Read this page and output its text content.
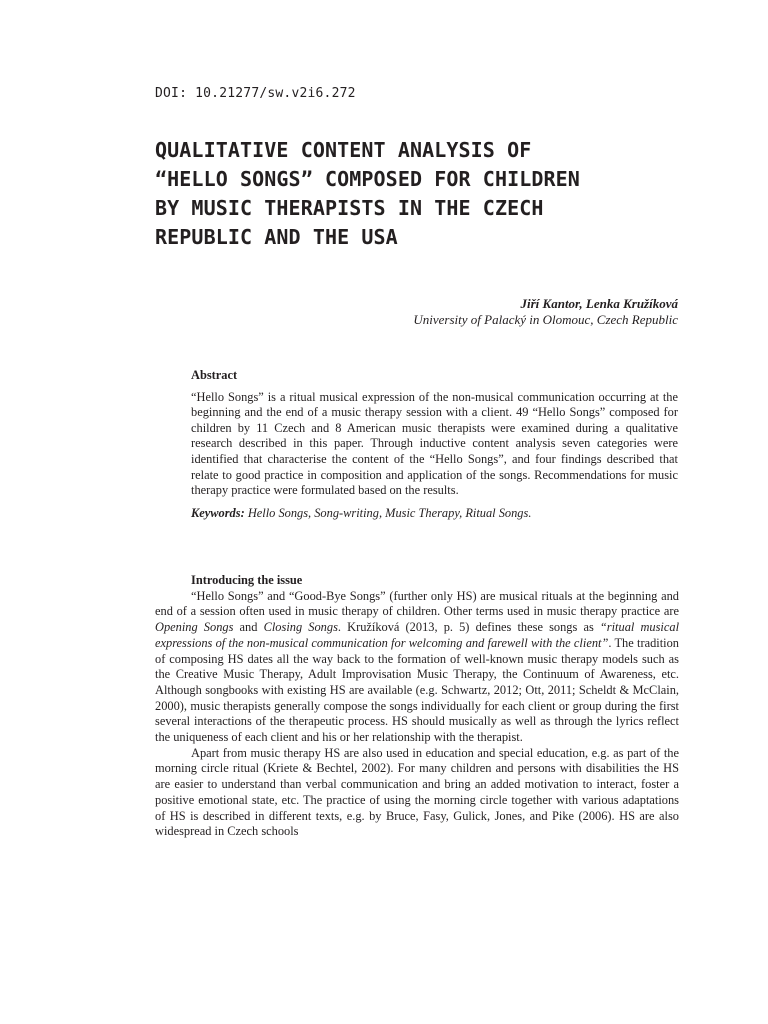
DOI: 10.21277/sw.v2i6.272
QUALITATIVE CONTENT ANALYSIS OF
“HELLO SONGS” COMPOSED FOR CHILDREN
BY MUSIC THERAPISTS IN THE CZECH
REPUBLIC AND THE USA
Jiří Kantor, Lenka Kružíková
University of Palacký in Olomouc, Czech Republic
Abstract

“Hello Songs” is a ritual musical expression of the non-musical communication occurring at the beginning and the end of a music therapy session with a client. 49 “Hello Songs” composed for children by 11 Czech and 8 American music therapists were examined during a qualitative research described in this paper. Through inductive content analysis seven categories were identified that characterise the content of the “Hello Songs”, and four findings described that relate to good practice in composition and application of the songs. Recommendations for music therapy practice were formulated based on the results.

Keywords: Hello Songs, Song-writing, Music Therapy, Ritual Songs.

Introducing the issue

“Hello Songs” and “Good-Bye Songs” (further only HS) are musical rituals at the beginning and end of a session often used in music therapy of children. Other terms used in music therapy practice are Opening Songs and Closing Songs. Kružíková (2013, p. 5) defines these songs as “ritual musical expressions of the non-musical communication for welcoming and farewell with the client”. The tradition of composing HS dates all the way back to the formation of well-known music therapy models such as the Creative Music Therapy, Adult Improvisation Music Therapy, the Continuum of Awareness, etc. Although songbooks with existing HS are available (e.g. Schwartz, 2012; Ott, 2011; Scheldt & McClain, 2000), music therapists generally compose the songs individually for each client or group during the first several interactions of the therapeutic process. HS should musically as well as through the lyrics reflect the uniqueness of each client and his or her relationship with the therapist.

Apart from music therapy HS are also used in education and special education, e.g. as part of the morning circle ritual (Kriete & Bechtel, 2002). For many children and persons with disabilities the HS are easier to understand than verbal communication and bring an added motivation to interact, foster a positive emotional state, etc. The practice of using the morning circle together with various adaptations of HS is described in different texts, e.g. by Bruce, Fasy, Gulick, Jones, and Pike (2006). HS are also widespread in Czech schools
